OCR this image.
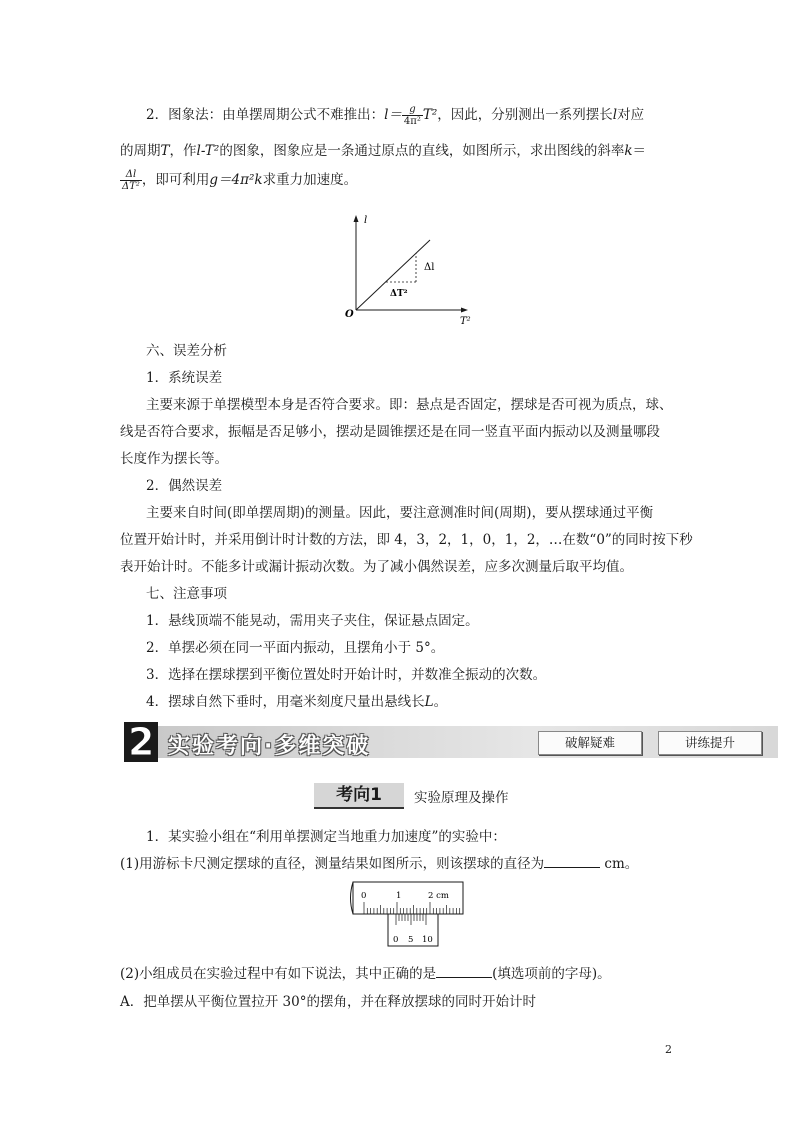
2．图象法：由单摆周期公式不难推出：$l= \frac{g}{\text{4π²}} T^2$，因此，分别测出一系列摆长l对应
的周期T，作l-T²的图象，图象应是一条通过原点的直线，如图所示，求出图线的斜率k＝
$\frac{\Delta l}{\text{ΔT²}}$ ，即可利用g＝4π²k求重力加速度。
l
T²
O
Δl
ΔT²
六、误差分析
1．系统误差
主要来源于单摆模型本身是否符合要求。即：悬点是否固定，摆球是否可视为质点，球、
线是否符合要求，振幅是否足够小，摆动是圆锥摆还是在同一竖直平面内振动以及测量哪段
长度作为摆长等。
2．偶然误差
主要来自时间(即单摆周期)的测量。因此，要注意测准时间(周期)，要从摆球通过平衡
位置开始计时，并采用倒计时计数的方法，即 4，3，2，1，0，1，2，…在数“0”的同时按下秒
表开始计时。不能多计或漏计振动次数。为了减小偶然误差，应多次测量后取平均值。
七、注意事项
1．悬线顶端不能晃动，需用夹子夹住，保证悬点固定。
2．单摆必须在同一平面内振动，且摆角小于 5°。
3．选择在摆球摆到平衡位置处时开始计时，并数准全振动的次数。
4．摆球自然下垂时，用毫米刻度尺量出悬线长L。
2 实验考向·多维突破	破解疑难	讲练提升
考向1	实验原理及操作
1．某实验小组在“利用单摆测定当地重力加速度”的实验中：
(1)用游标卡尺测定摆球的直径，测量结果如图所示，则该摆球的直径为	cm。
0	1	2 cm
0 5 10
(2)小组成员在实验过程中有如下说法，其中正确的是	(填选项前的字母)。
A．把单摆从平衡位置拉开 30°的摆角，并在释放摆球的同时开始计时
2
